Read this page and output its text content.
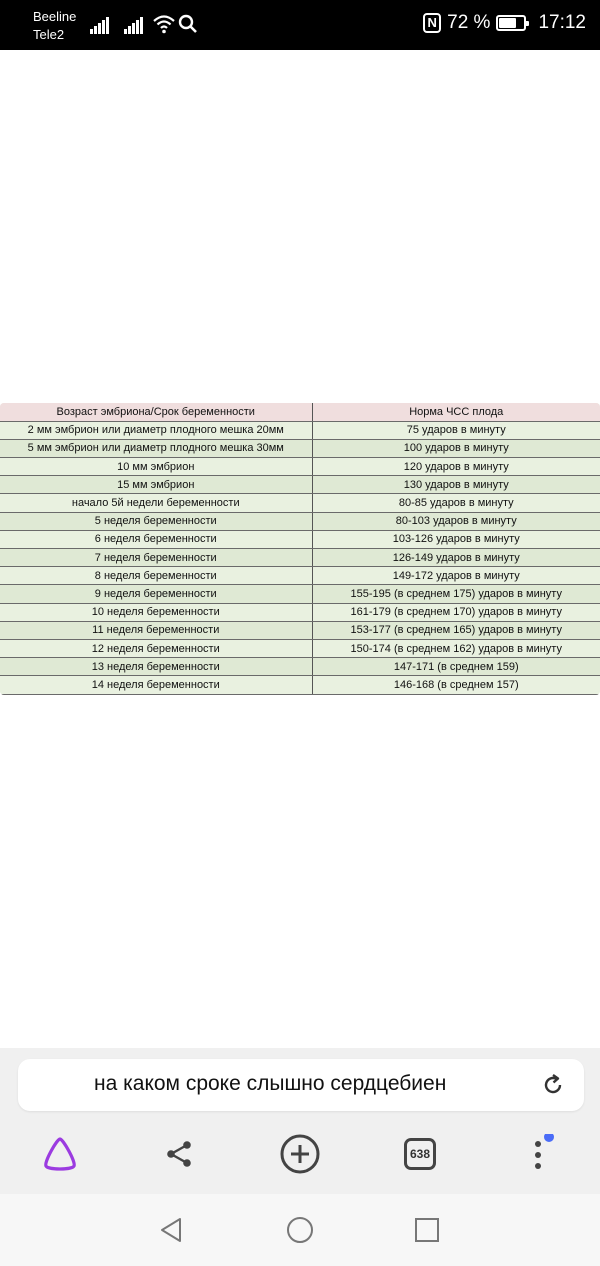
Beeline
Tele2
N 72 %	17:12
Возраст эмбриона/Срок беременности	Норма ЧСС плода
2 мм эмбрион или диаметр плодного мешка 20мм	75 ударов в минуту
5 мм эмбрион или диаметр плодного мешка 30мм	100 ударов в минуту
10 мм эмбрион	120 ударов в минуту
15 мм эмбрион	130 ударов в минуту
начало 5й недели беременности	80-85 ударов в минуту
5 неделя беременности	80-103 ударов в минуту
6 неделя беременности	103-126 ударов в минуту
7 неделя беременности	126-149 ударов в минуту
8 неделя беременности	149-172 ударов в минуту
9 неделя беременности	155-195 (в среднем 175) ударов в минуту
10 неделя беременности	161-179 (в среднем 170) ударов в минуту
11 неделя беременности	153-177 (в среднем 165) ударов в минуту
12 неделя беременности	150-174 (в среднем 162) ударов в минуту
13 неделя беременности	147-171 (в среднем 159)
14 неделя беременности	146-168 (в среднем 157)
на каком сроке слышно сердцебиен
638
